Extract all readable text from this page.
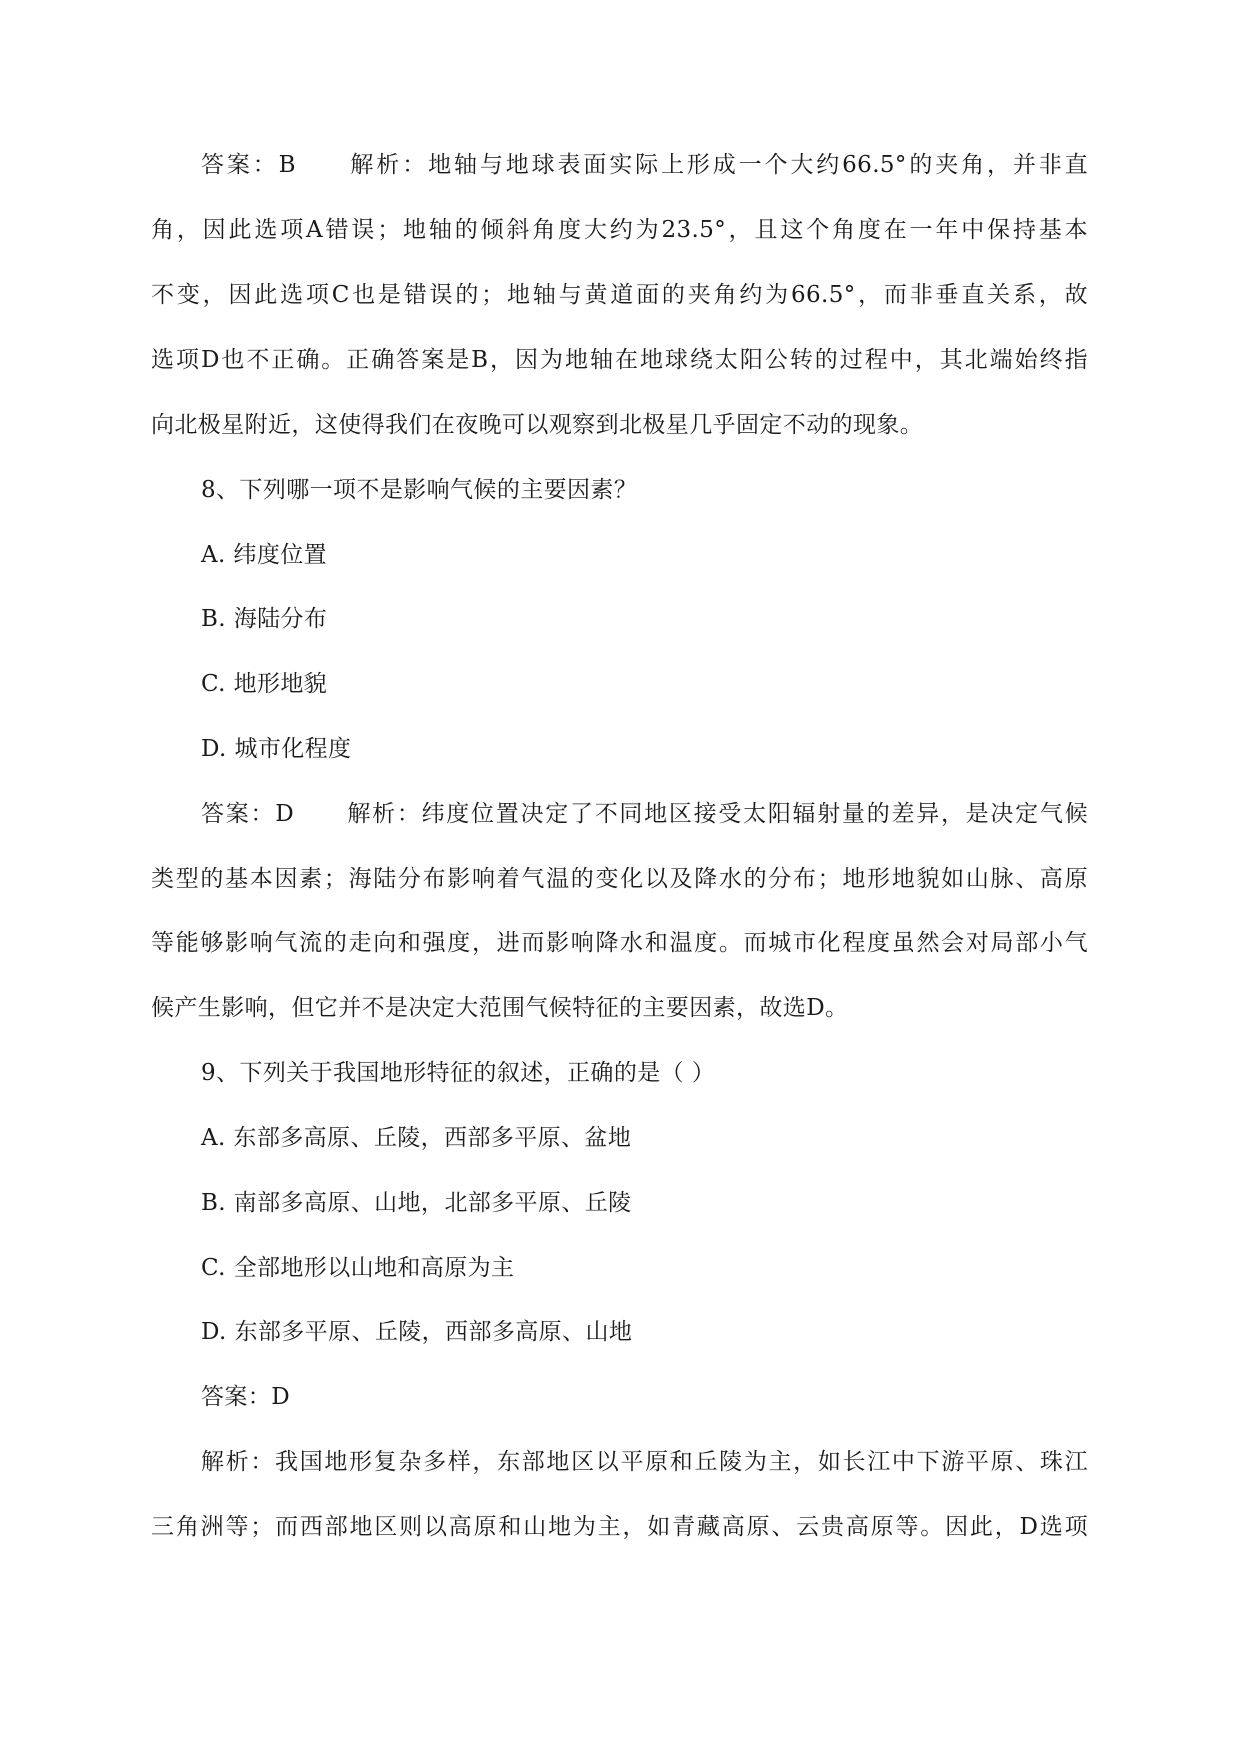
答案：B 解析：地轴与地球表面实际上形成一个大约66.5°的夹角，并非直
角，因此选项A错误；地轴的倾斜角度大约为23.5°，且这个角度在一年中保持基本
不变，因此选项C也是错误的；地轴与黄道面的夹角约为66.5°，而非垂直关系，故
选项D也不正确。正确答案是B，因为地轴在地球绕太阳公转的过程中，其北端始终指
向北极星附近，这使得我们在夜晚可以观察到北极星几乎固定不动的现象。
8、下列哪一项不是影响气候的主要因素？
A. 纬度位置
B. 海陆分布
C. 地形地貌
D. 城市化程度
答案：D 解析：纬度位置决定了不同地区接受太阳辐射量的差异，是决定气候
类型的基本因素；海陆分布影响着气温的变化以及降水的分布；地形地貌如山脉、高原
等能够影响气流的走向和强度，进而影响降水和温度。而城市化程度虽然会对局部小气
候产生影响，但它并不是决定大范围气候特征的主要因素，故选D。
9、下列关于我国地形特征的叙述，正确的是（ ）
A. 东部多高原、丘陵，西部多平原、盆地
B. 南部多高原、山地，北部多平原、丘陵
C. 全部地形以山地和高原为主
D. 东部多平原、丘陵，西部多高原、山地
答案：D
解析：我国地形复杂多样，东部地区以平原和丘陵为主，如长江中下游平原、珠江
三角洲等；而西部地区则以高原和山地为主，如青藏高原、云贵高原等。因此，D选项
